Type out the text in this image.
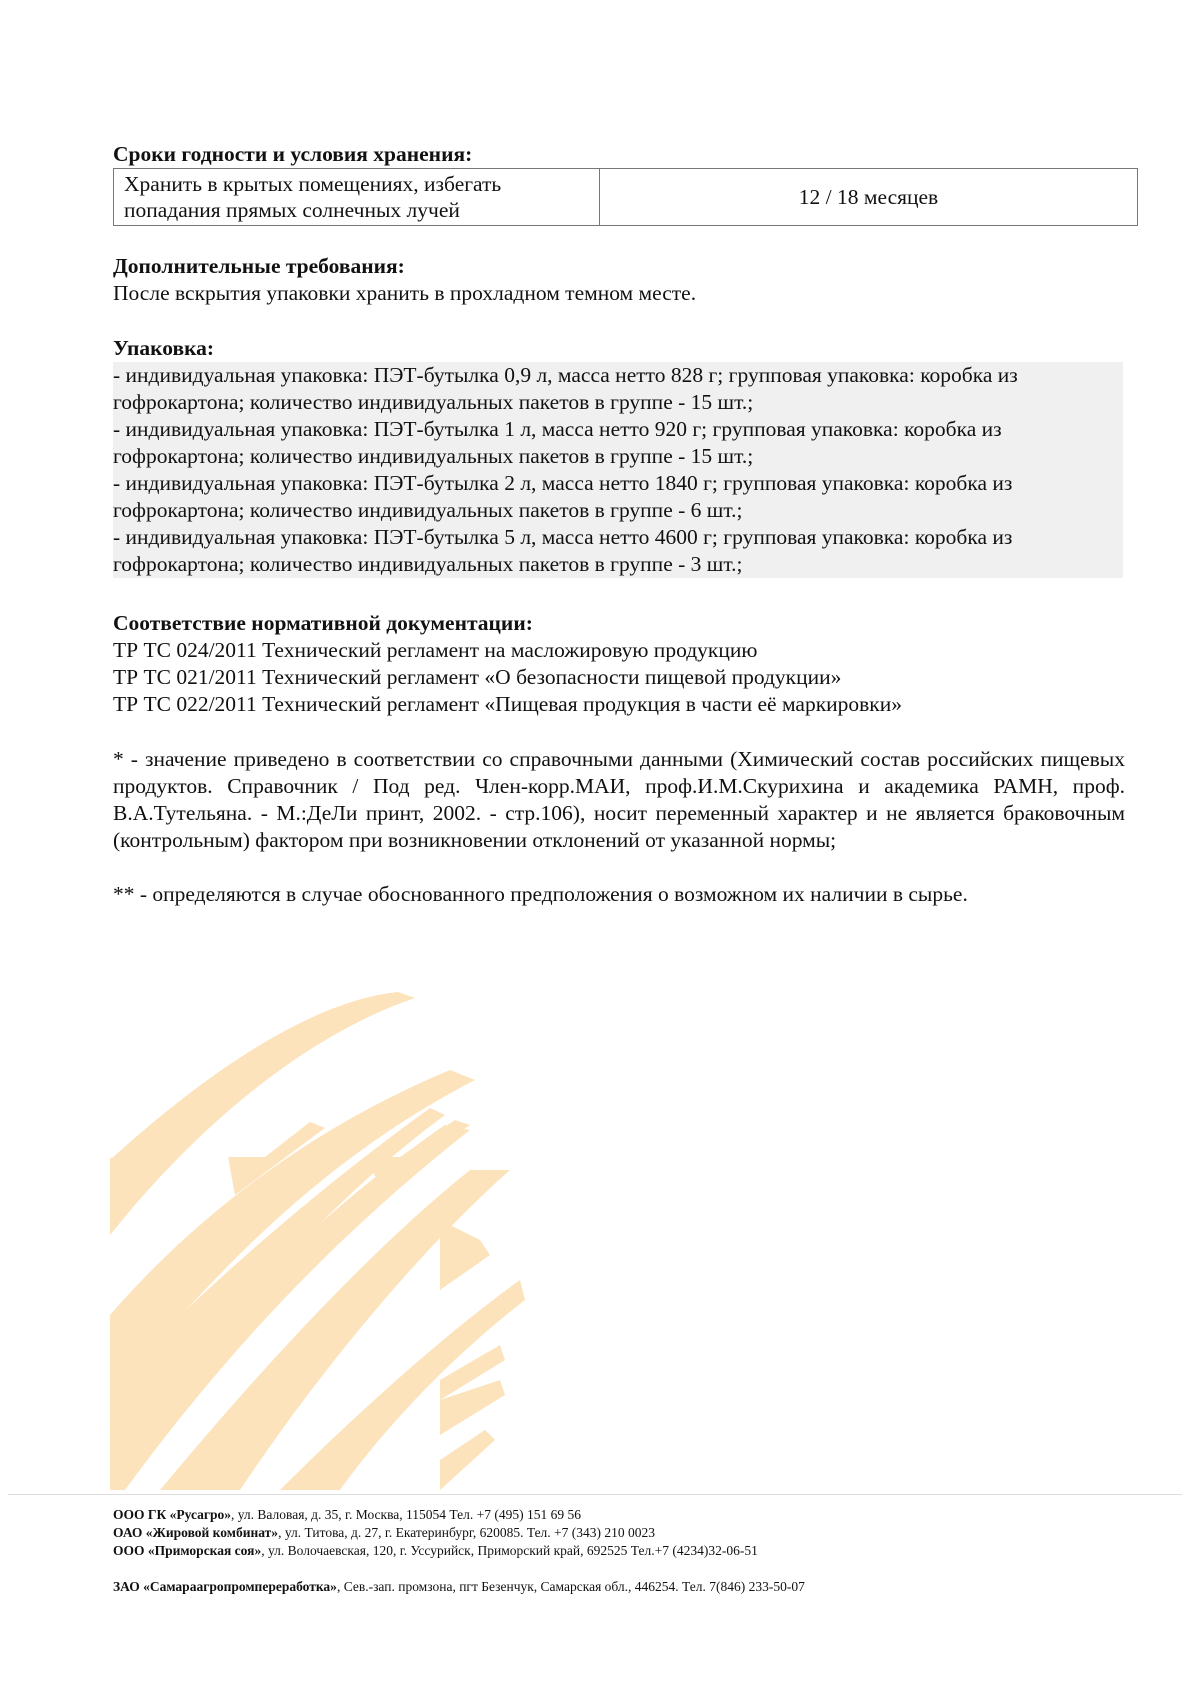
Сроки годности и условия хранения:
Хранить в крытых помещениях, избегать попадания прямых солнечных лучей	12 / 18 месяцев
Дополнительные требования:
После вскрытия упаковки хранить в прохладном темном месте.
Упаковка:
- индивидуальная упаковка: ПЭТ-бутылка 0,9 л, масса нетто 828 г; групповая упаковка: коробка из
гофрокартона; количество индивидуальных пакетов в группе - 15 шт.;
- индивидуальная упаковка: ПЭТ-бутылка 1 л, масса нетто 920 г; групповая упаковка: коробка из
гофрокартона; количество индивидуальных пакетов в группе - 15 шт.;
- индивидуальная упаковка: ПЭТ-бутылка 2 л, масса нетто 1840 г; групповая упаковка: коробка из
гофрокартона; количество индивидуальных пакетов в группе - 6 шт.;
- индивидуальная упаковка: ПЭТ-бутылка 5 л, масса нетто 4600 г; групповая упаковка: коробка из
гофрокартона; количество индивидуальных пакетов в группе - 3 шт.;
Соответствие нормативной документации:
ТР ТС 024/2011 Технический регламент на масложировую продукцию
ТР ТС 021/2011 Технический регламент «О безопасности пищевой продукции»
ТР ТС 022/2011 Технический регламент «Пищевая продукция в части её маркировки»
* - значение приведено в соответствии со справочными данными (Химический состав российских пищевых продуктов. Справочник / Под ред. Член-корр.МАИ, проф.И.М.Скурихина и академика РАМН, проф. В.А.Тутельяна. - М.:ДеЛи принт, 2002. - стр.106), носит переменный характер и не является браковочным (контрольным) фактором при возникновении отклонений от указанной нормы;
** - определяются в случае обоснованного предположения о возможном их наличии в сырье.
ООО ГК «Русагро», ул. Валовая, д. 35, г. Москва, 115054 Тел. +7 (495) 151 69 56
ОАО «Жировой комбинат», ул. Титова, д. 27, г. Екатеринбург, 620085. Тел. +7 (343) 210 0023
ООО «Приморская соя», ул. Волочаевская, 120, г. Уссурийск, Приморский край, 692525 Тел.+7 (4234)32-06-51
ЗАО «Самараагропромпереработка», Сев.-зап. промзона, пгт Безенчук, Самарская обл., 446254. Тел. 7(846) 233-50-07
